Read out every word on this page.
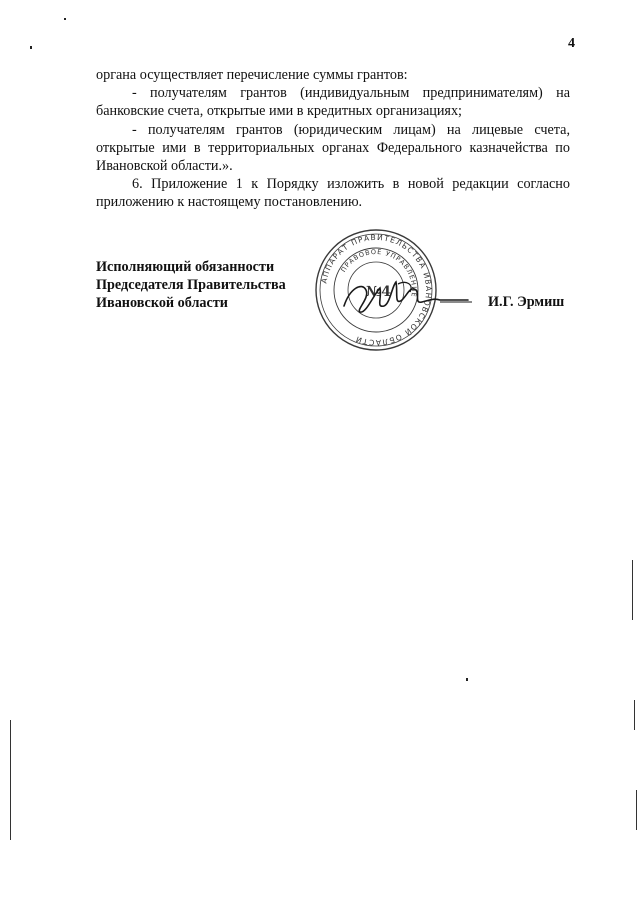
4

органа осуществляет перечисление суммы грантов:

- получателям грантов (индивидуальным предпринимателям) на банковские счета, открытые ими в кредитных организациях;

- получателям грантов (юридическим лицам) на лицевые счета, открытые ими в территориальных органах Федерального казначейства по Ивановской области.».

6. Приложение 1 к Порядку изложить в новой редакции согласно приложению к настоящему постановлению.

Исполняющий обязанности
Председателя Правительства
Ивановской области
АППАРАТ ПРАВИТЕЛЬСТВА ИВАНОВСКОЙ ОБЛАСТИ
ПРАВОВОЕ УПРАВЛЕНИЕ
№4
И.Г. Эрмиш
